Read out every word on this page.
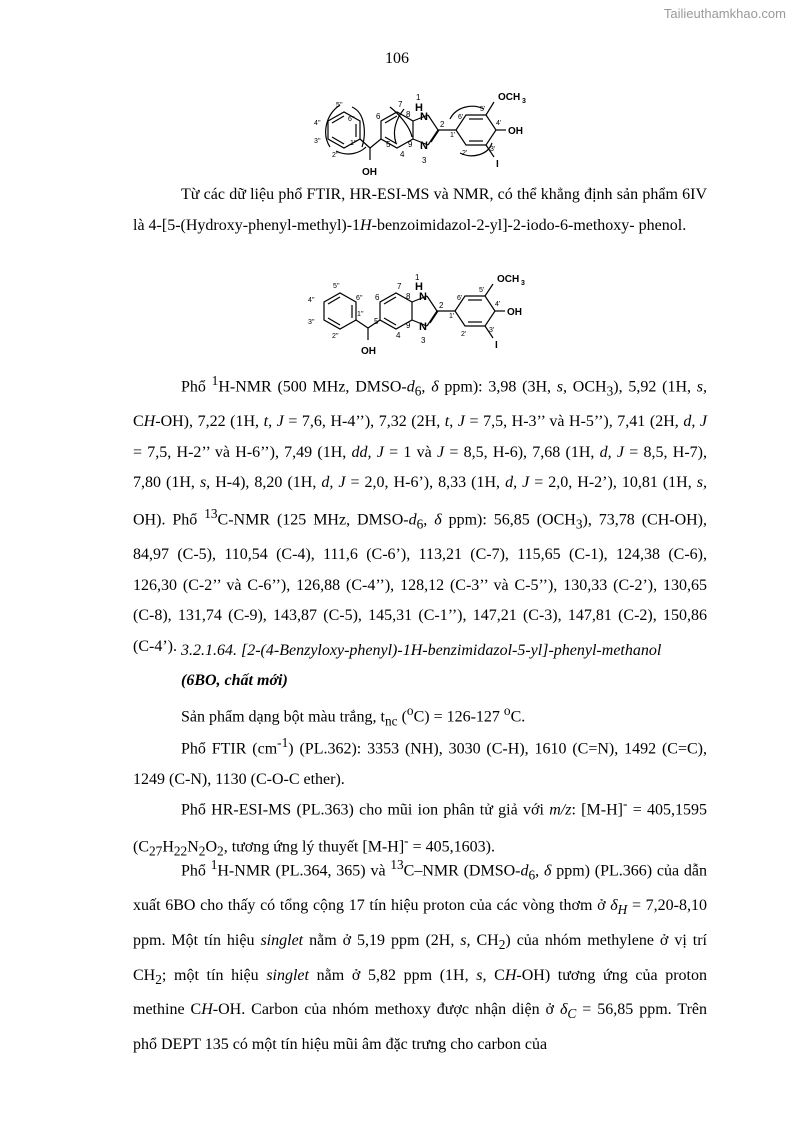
Tailieuthamkhao.com
106
1
H
N
N
3
2
7
6
5
4
8
9
OH
OCH 3
OH
I
6'
5'
4'
3'
2'
1'
5''
6''
4''
3''
2''
1''

Từ các dữ liệu phổ FTIR, HR-ESI-MS và NMR, có thể khẳng định sản phẩm 6IV là 4-[5-(Hydroxy-phenyl-methyl)-1H-benzoimidazol-2-yl]-2-iodo-6-methoxy- phenol.

1
H
N
N
3
2
7
6
5
4
8
9
OH
OCH 3
OH
I
6'
5'
4'
3'
2'
1'
5''
6''
4''
3''
2''
1''

Phổ $^1$H-NMR (500 MHz, DMSO-$d_6$, δ ppm): 3,98 (3H, s, $OCH_3$), 5,92 (1H, s, CH-OH), 7,22 (1H, t, J = 7,6, H-4’’), 7,32 (2H, t, J = 7,5, H-3’’ và H-5’’), 7,41 (2H, d, J = 7,5, H-2’’ và H-6’’), 7,49 (1H, dd, J = 1 và J = 8,5, H-6), 7,68 (1H, d, J = 8,5, H-7), 7,80 (1H, s, H-4), 8,20 (1H, d, J = 2,0, H-6’), 8,33 (1H, d, J = 2,0, H-2’), 10,81 (1H, s, OH). Phổ $^{13}$C-NMR (125 MHz, DMSO-$d_6$, δ ppm): 56,85 $(OCH_3)$, 73,78 (CH-OH), 84,97 (C-5), 110,54 (C-4), 111,6 (C-6’), 113,21 (C-7), 115,65 (C-1), 124,38 (C-6), 126,30 (C-2’’ và C-6’’), 126,88 (C-4’’), 128,12 (C-3’’ và C-5’’), 130,33 (C-2’), 130,65 (C-8), 131,74 (C-9), 143,87 (C-5), 145,31 (C-1’’), 147,21 (C-3), 147,81 (C-2), 150,86 (C-4’). 3.2.1.64. [2-(4-Benzyloxy-phenyl)-1H-benzimidazol-5-yl]-phenyl-methanol
(6BO, chất mới)
Sản phẩm dạng bột màu trắng, $t_{nc}$ ($^o$C) = 126-127 $^o$C.

Phổ FTIR $(cm^{-1})$ (PL.362): 3353 (NH), 3030 (C-H), 1610 (C=N), 1492 (C=C), 1249 (C-N), 1130 (C-O-C ether).

Phổ HR-ESI-MS (PL.363) cho mũi ion phân tử giả với m/z: [M-H]- = 405,1595 ($C_{27}H_{22}N_2O_2$, tương ứng lý thuyết [M-H]- = 405,1603).

Phổ $^1$H-NMR (PL.364, 365) và $^{13}$C–NMR ($DMSO-d_6$, δ ppm) (PL.366) của dẫn xuất 6BO cho thấy có tổng cộng 17 tín hiệu proton của các vòng thơm ở $\delta_H = 7,20-8,10$ ppm. Một tín hiệu singlet nằm ở 5,19 ppm (2H, s, $CH_2$) của nhóm methylene ở vị trí $CH_2$; một tín hiệu singlet nằm ở 5,82 ppm (1H, s, CH-OH) tương ứng của proton methine CH-OH. Carbon của nhóm methoxy được nhận diện ở $\delta_C = 56,85$ ppm. Trên phổ DEPT 135 có một tín hiệu mũi âm đặc trưng cho carbon của
